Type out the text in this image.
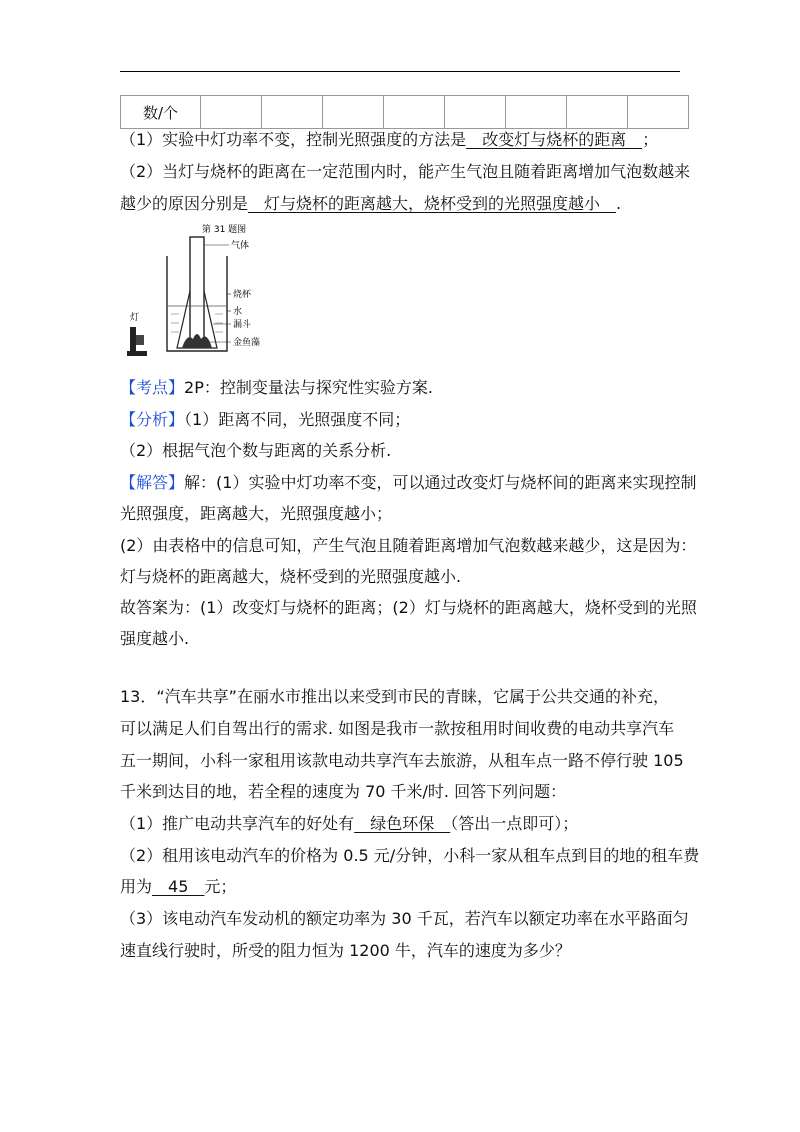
数/个								
（1）实验中灯功率不变，控制光照强度的方法是　改变灯与烧杯的距离　；
（2）当灯与烧杯的距离在一定范围内时，能产生气泡且随着距离增加气泡数越来
越少的原因分别是　灯与烧杯的距离越大，烧杯受到的光照强度越小　.
第 31 题图
气体
烧杯
水
漏斗
金鱼藻
灯
【考点】2P：控制变量法与探究性实验方案.
【分析】（1）距离不同，光照强度不同；
（2）根据气泡个数与距离的关系分析.
【解答】解：(1）实验中灯功率不变，可以通过改变灯与烧杯间的距离来实现控制
光照强度，距离越大，光照强度越小；
(2）由表格中的信息可知，产生气泡且随着距离增加气泡数越来越少，这是因为：
灯与烧杯的距离越大，烧杯受到的光照强度越小.
故答案为：(1）改变灯与烧杯的距离；(2）灯与烧杯的距离越大，烧杯受到的光照
强度越小.
13．“汽车共享”在丽水市推出以来受到市民的青睐，它属于公共交通的补充，
可以满足人们自驾出行的需求. 如图是我市一款按租用时间收费的电动共享汽车
五一期间，小科一家租用该款电动共享汽车去旅游，从租车点一路不停行驶 105
千米到达目的地，若全程的速度为 70 千米/时. 回答下列问题：
（1）推广电动共享汽车的好处有　绿色环保　（答出一点即可）；
（2）租用该电动汽车的价格为 0.5 元/分钟，小科一家从租车点到目的地的租车费
用为　45　元；
（3）该电动汽车发动机的额定功率为 30 千瓦，若汽车以额定功率在水平路面匀
速直线行驶时，所受的阻力恒为 1200 牛，汽车的速度为多少？
